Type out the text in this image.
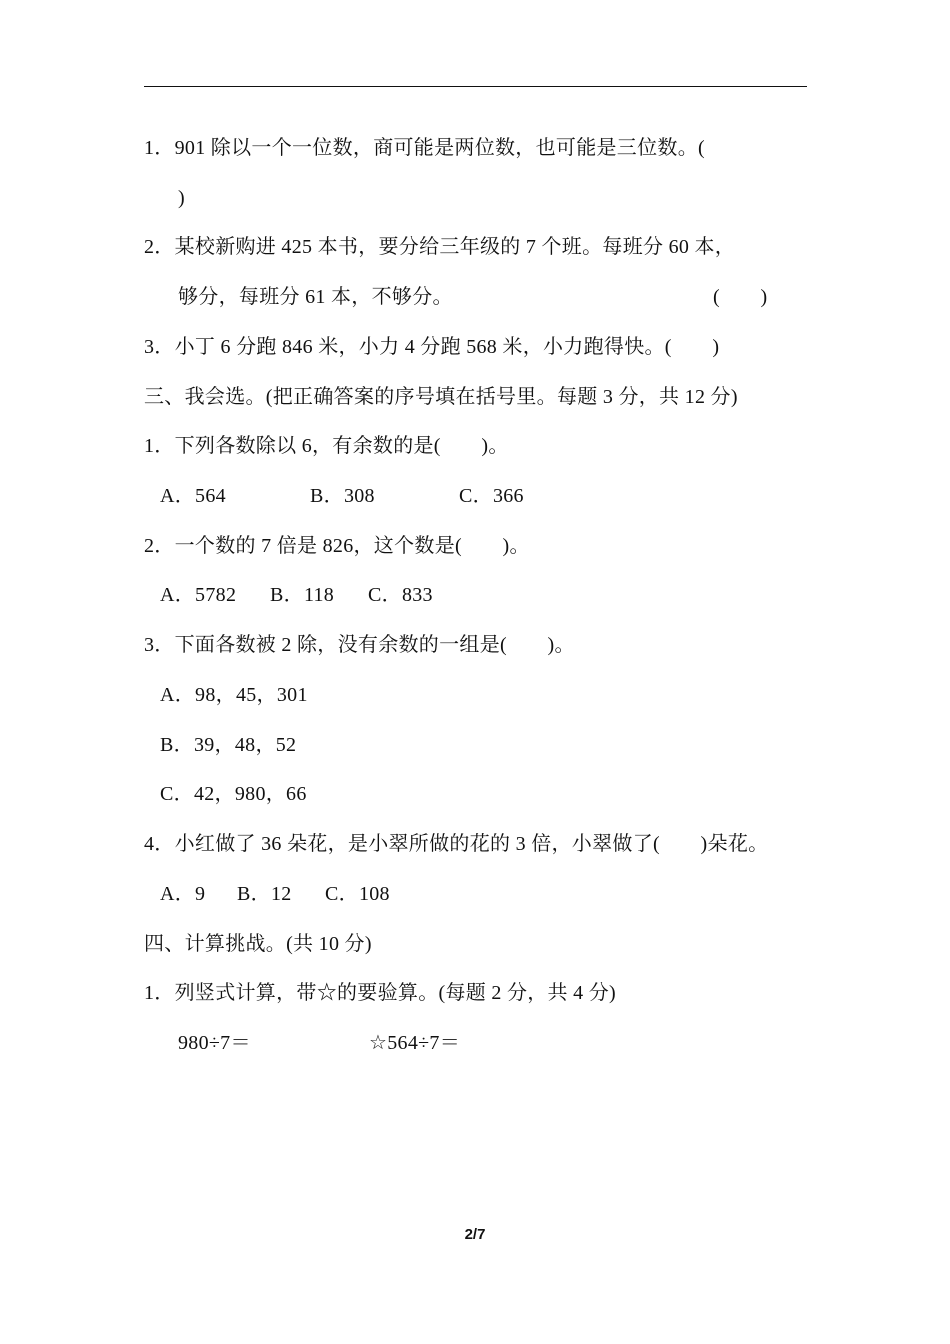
1．901 除以一个一位数，商可能是两位数，也可能是三位数。(
)
2．某校新购进 425 本书，要分给三年级的 7 个班。每班分 60 本，
够分，每班分 61 本，不够分。	(　　)
3．小丁 6 分跑 846 米，小力 4 分跑 568 米，小力跑得快。(　　)
三、我会选。(把正确答案的序号填在括号里。每题 3 分，共 12 分)
1．下列各数除以 6，有余数的是(　　)。
A．564	B．308	C．366
2．一个数的 7 倍是 826，这个数是(　　)。
A．5782 B．118 C．833
3．下面各数被 2 除，没有余数的一组是(　　)。
A．98，45，301
B．39，48，52
C．42，980，66
4．小红做了 36 朵花，是小翠所做的花的 3 倍，小翠做了(　　)朵花。
A．9 B．12 C．108
四、计算挑战。(共 10 分)
1．列竖式计算，带☆的要验算。(每题 2 分，共 4 分)
980÷7＝	☆564÷7＝
2/7
